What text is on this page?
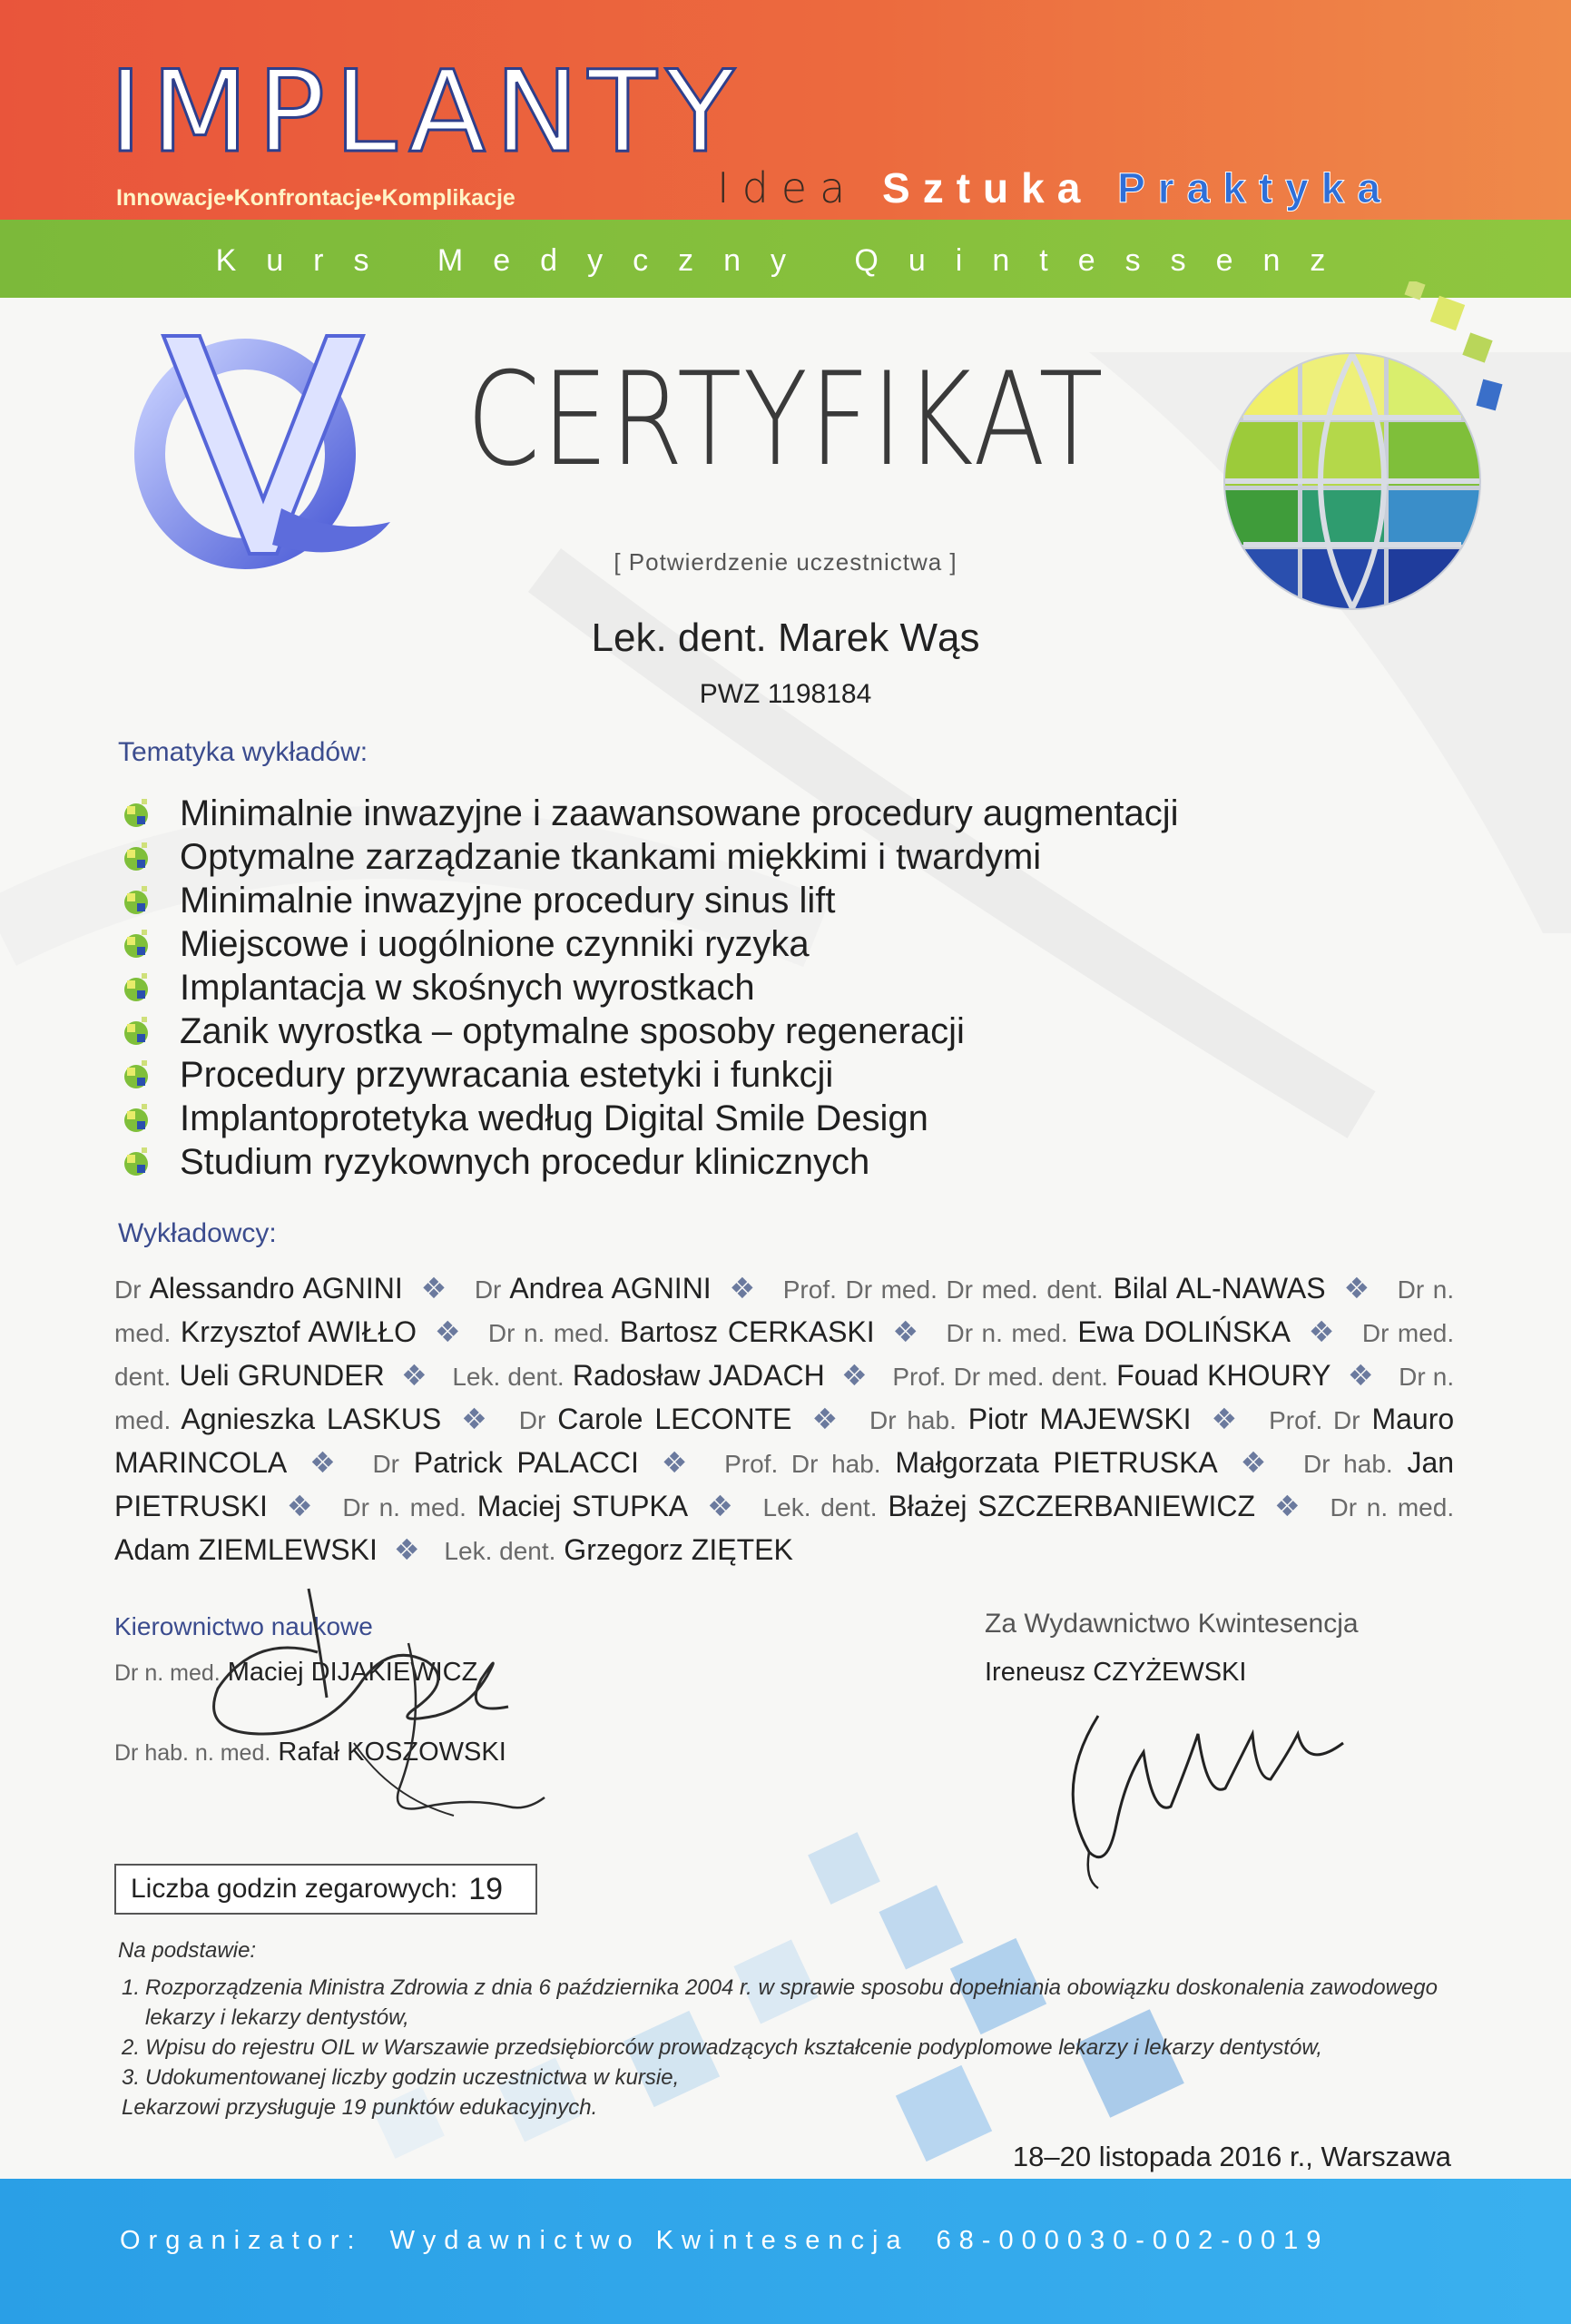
IMPLANTY
Innowacje•Konfrontacje•Komplikacje	Idea Sztuka Praktyka
Kurs Medyczny Quintessenz
CERTYFIKAT
[ Potwierdzenie uczestnictwa ]
Lek. dent. Marek Wąs
PWZ 1198184
Tematyka wykładów:
Minimalnie inwazyjne i zaawansowane procedury augmentacji
Optymalne zarządzanie tkankami miękkimi i twardymi
Minimalnie inwazyjne procedury sinus lift
Miejscowe i uogólnione czynniki ryzyka
Implantacja w skośnych wyrostkach
Zanik wyrostka – optymalne sposoby regeneracji
Procedury przywracania estetyki i funkcji
Implantoprotetyka według Digital Smile Design
Studium ryzykownych procedur klinicznych
Wykładowcy:
Dr Alessandro AGNINI ❖ Dr Andrea AGNINI ❖ Prof. Dr med. Dr med. dent. Bilal AL-NAWAS ❖ Dr n. med. Krzysztof AWIŁŁO ❖ Dr n. med. Bartosz CERKASKI ❖ Dr n. med. Ewa DOLIŃSKA ❖ Dr med. dent. Ueli GRUNDER ❖ Lek. dent. Radosław JADACH ❖ Prof. Dr med. dent. Fouad KHOURY ❖ Dr n. med. Agnieszka LASKUS ❖ Dr Carole LECONTE ❖ Dr hab. Piotr MAJEWSKI ❖ Prof. Dr Mauro MARINCOLA ❖ Dr Patrick PALACCI ❖ Prof. Dr hab. Małgorzata PIETRUSKA ❖ Dr hab. Jan PIETRUSKI ❖ Dr n. med. Maciej STUPKA ❖ Lek. dent. Błażej SZCZERBANIEWICZ ❖ Dr n. med. Adam ZIEMLEWSKI ❖ Lek. dent. Grzegorz ZIĘTEK
Kierownictwo naukowe
Dr n. med. Maciej DIJAKIEWICZ
Dr hab. n. med. Rafał KOSZOWSKI
Za Wydawnictwo Kwintesencja
Ireneusz CZYŻEWSKI
Liczba godzin zegarowych: 19
Na podstawie:
1. Rozporządzenia Ministra Zdrowia z dnia 6 października 2004 r. w sprawie sposobu dopełniania obowiązku doskonalenia zawodowego lekarzy i lekarzy dentystów,
2. Wpisu do rejestru OIL w Warszawie przedsiębiorców prowadzących kształcenie podyplomowe lekarzy i lekarzy dentystów,
3. Udokumentowanej liczby godzin uczestnictwa w kursie,
Lekarzowi przysługuje 19 punktów edukacyjnych.
18–20 listopada 2016 r., Warszawa
Organizator: Wydawnictwo Kwintesencja 68-000030-002-0019
